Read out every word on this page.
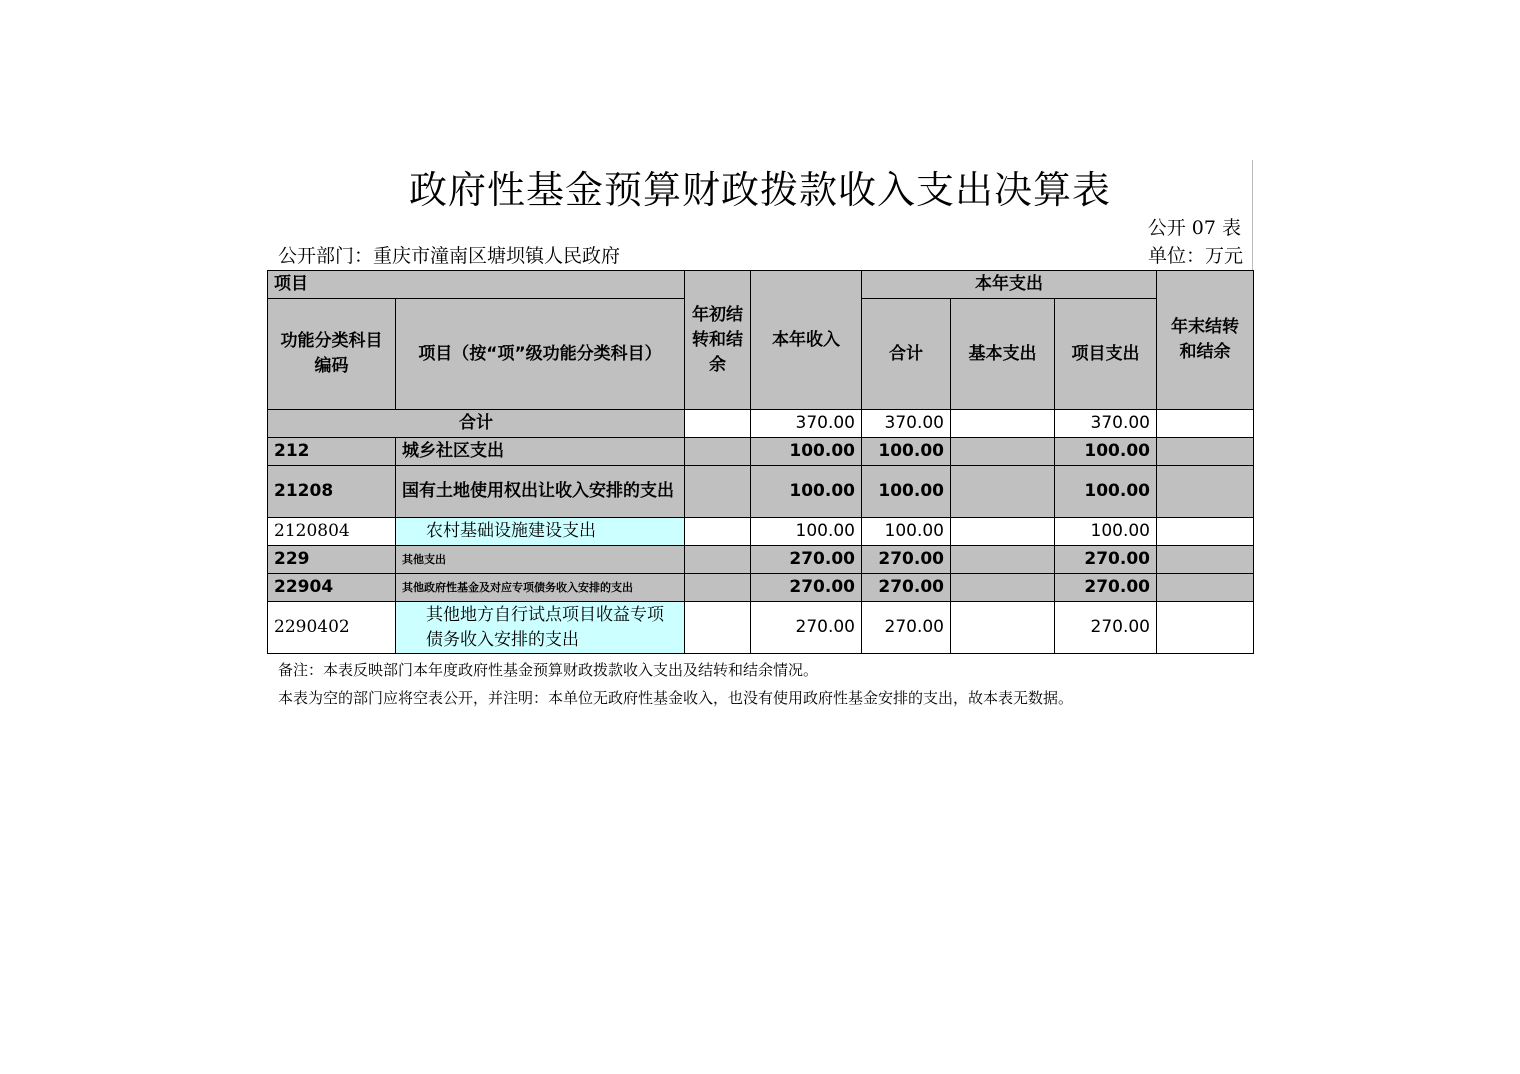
政府性基金预算财政拨款收入支出决算表
公开 07 表
公开部门：重庆市潼南区塘坝镇人民政府	单位：万元
项目		年初结转和结余	本年收入	本年支出			年末结转和结余
功能分类科目编码	项目（按“项”级功能分类科目）			合计	基本支出	项目支出	
合计			370.00	370.00		370.00	
212	城乡社区支出		100.00	100.00		100.00	
21208	国有土地使用权出让收入安排的支出		100.00	100.00		100.00	
2120804	农村基础设施建设支出		100.00	100.00		100.00	
229	其他支出		270.00	270.00		270.00	
22904	其他政府性基金及对应专项债务收入安排的支出		270.00	270.00		270.00	
2290402	其他地方自行试点项目收益专项债务收入安排的支出		270.00	270.00		270.00	
备注：本表反映部门本年度政府性基金预算财政拨款收入支出及结转和结余情况。
本表为空的部门应将空表公开，并注明：本单位无政府性基金收入，也没有使用政府性基金安排的支出，故本表无数据。
